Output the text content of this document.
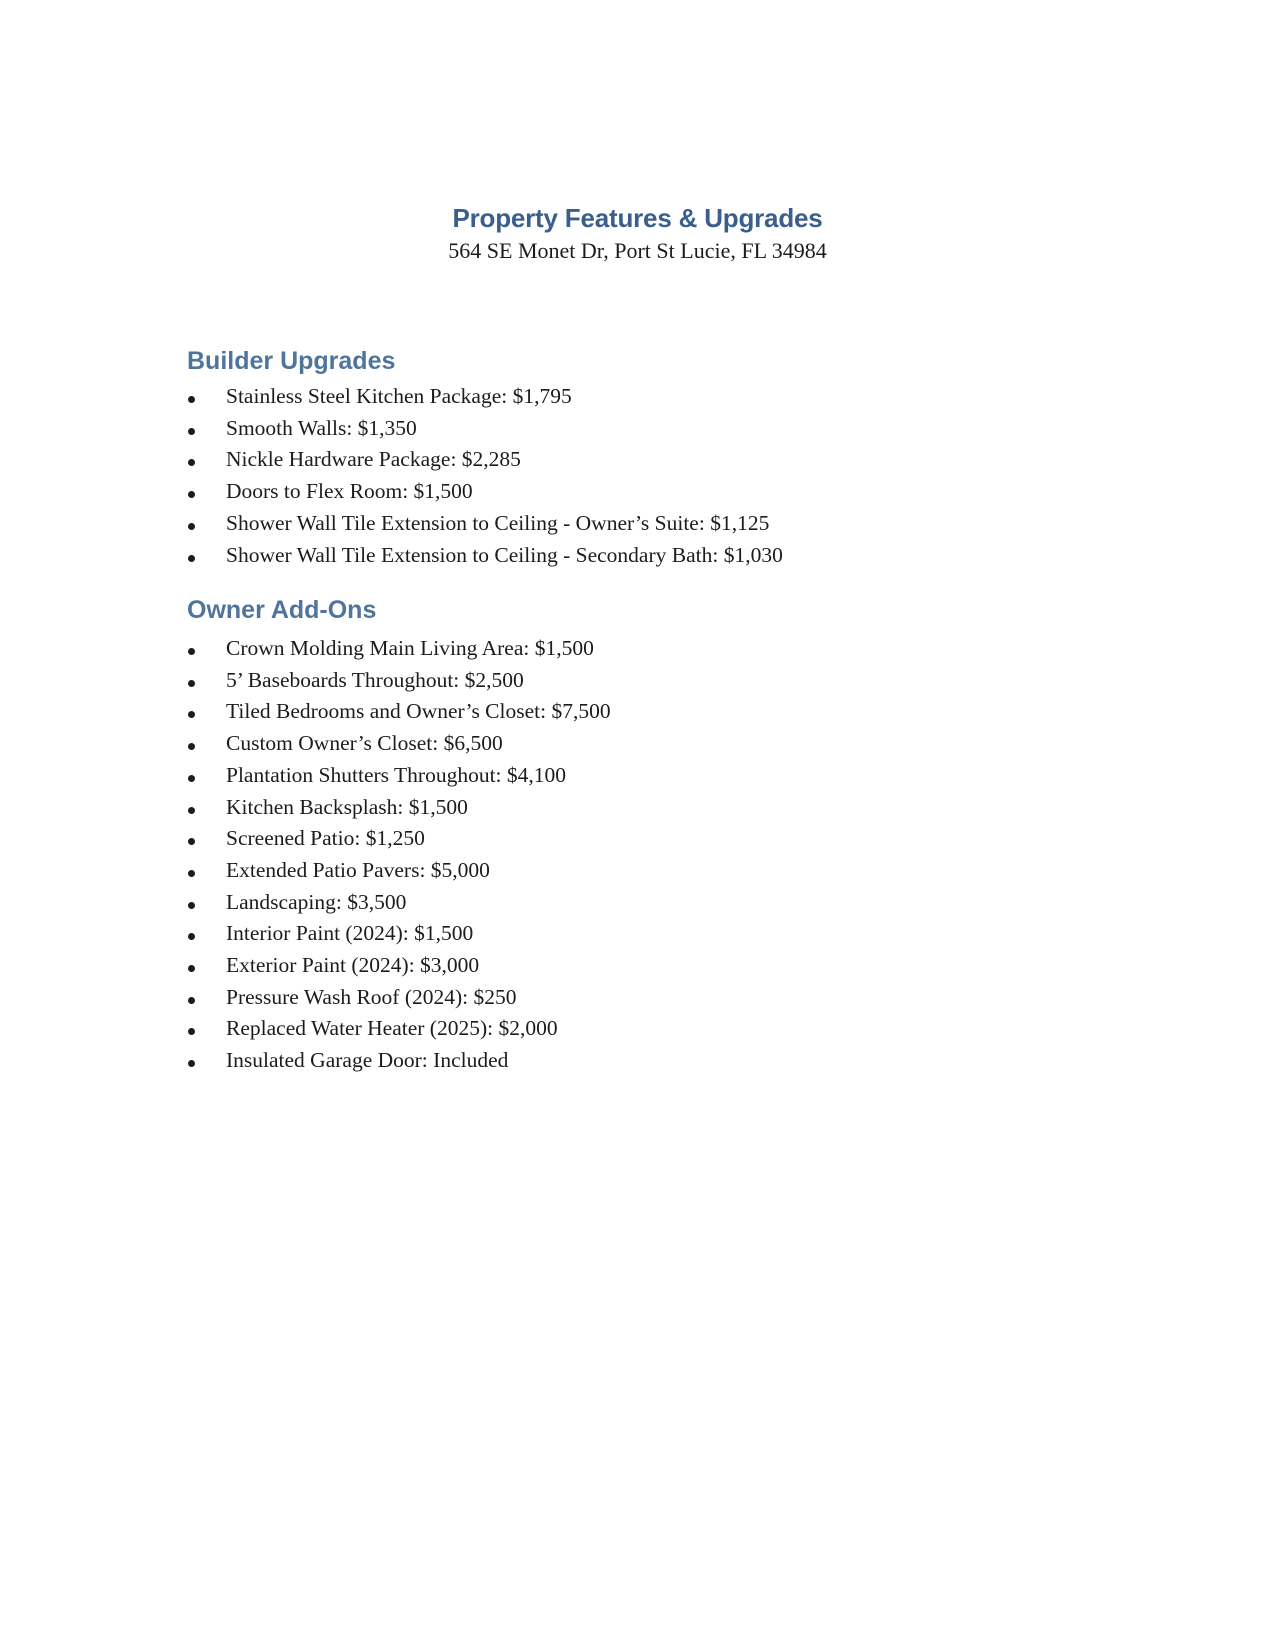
Property Features & Upgrades
564 SE Monet Dr, Port St Lucie, FL 34984
Builder Upgrades
Stainless Steel Kitchen Package: $1,795
Smooth Walls: $1,350
Nickle Hardware Package: $2,285
Doors to Flex Room: $1,500
Shower Wall Tile Extension to Ceiling - Owner’s Suite: $1,125
Shower Wall Tile Extension to Ceiling - Secondary Bath: $1,030
Owner Add-Ons
Crown Molding Main Living Area: $1,500
5’ Baseboards Throughout: $2,500
Tiled Bedrooms and Owner’s Closet: $7,500
Custom Owner’s Closet: $6,500
Plantation Shutters Throughout: $4,100
Kitchen Backsplash: $1,500
Screened Patio: $1,250
Extended Patio Pavers: $5,000
Landscaping: $3,500
Interior Paint (2024): $1,500
Exterior Paint (2024): $3,000
Pressure Wash Roof (2024): $250
Replaced Water Heater (2025): $2,000
Insulated Garage Door: Included
